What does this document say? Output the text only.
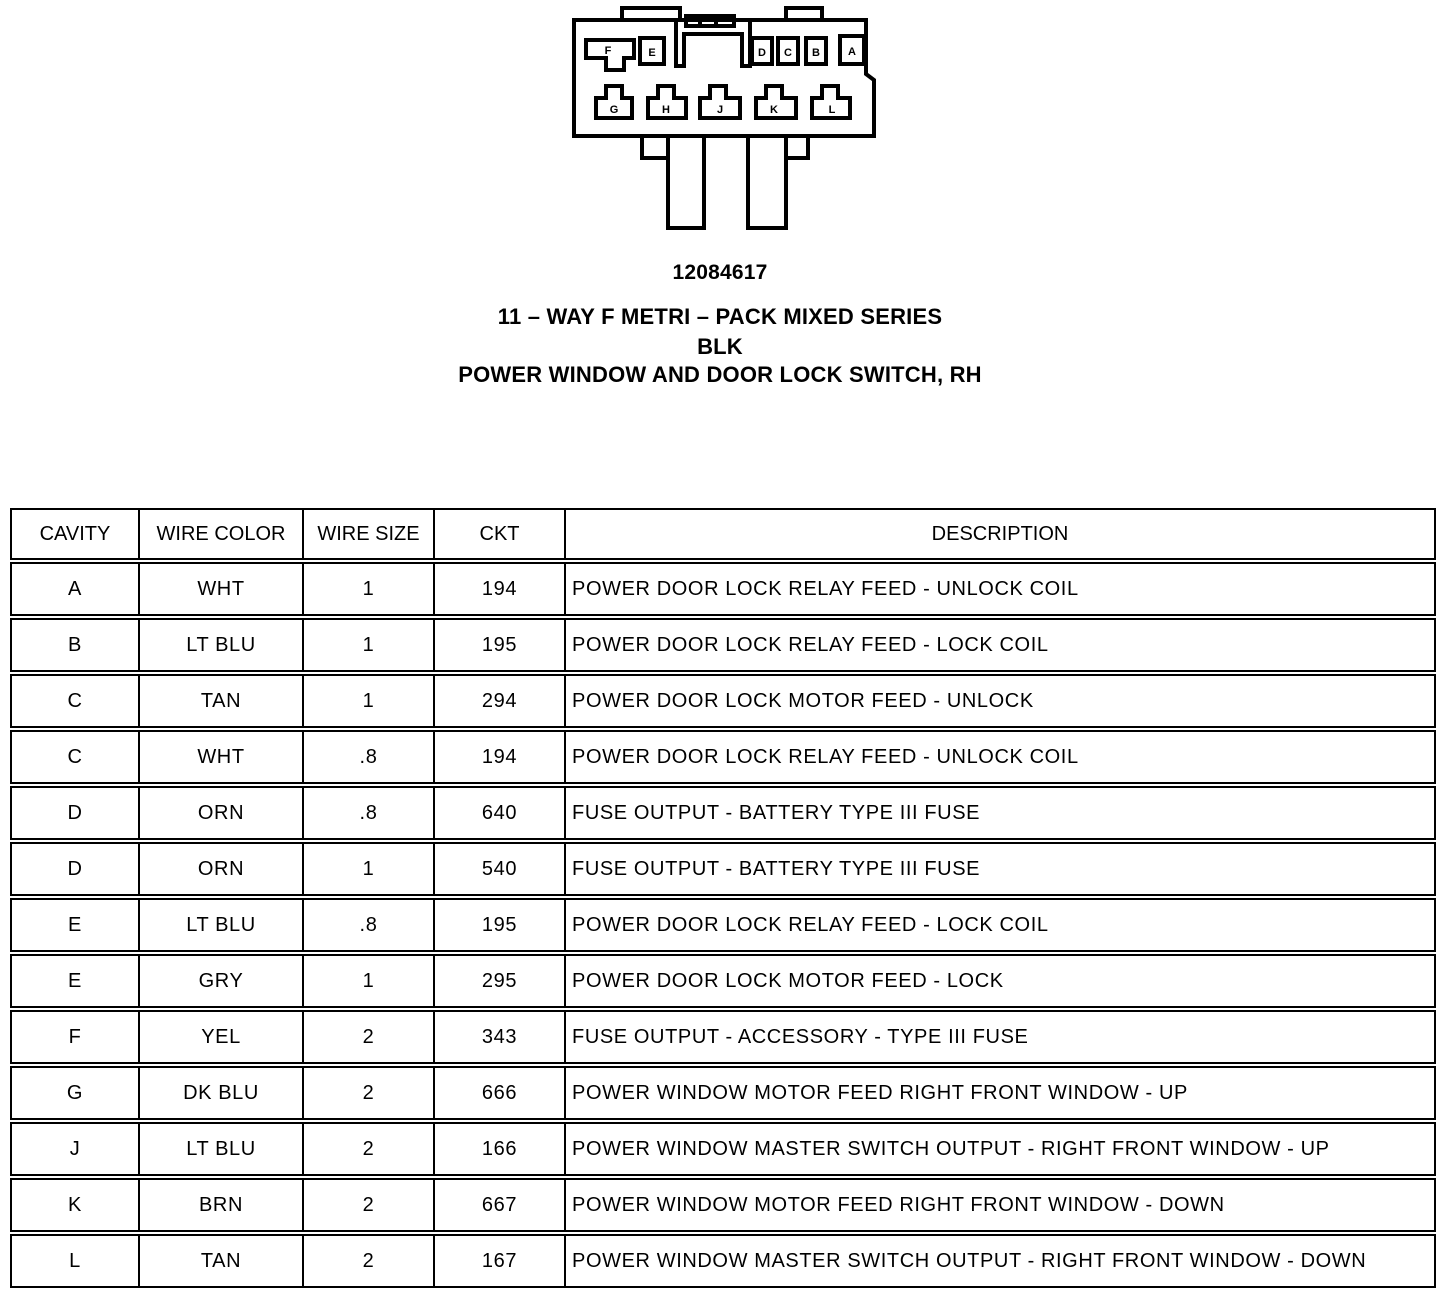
F	E	D C B	A
G	H	J	K	L
12084617
11 – WAY F METRI – PACK MIXED SERIES
BLK
POWER WINDOW AND DOOR LOCK SWITCH, RH
CAVITY	WIRE COLOR	WIRE SIZE	CKT	DESCRIPTION
A	WHT	1	194	POWER DOOR LOCK RELAY FEED - UNLOCK COIL
B	LT BLU	1	195	POWER DOOR LOCK RELAY FEED - LOCK COIL
C	TAN	1	294	POWER DOOR LOCK MOTOR FEED - UNLOCK
C	WHT	.8	194	POWER DOOR LOCK RELAY FEED - UNLOCK COIL
D	ORN	.8	640	FUSE OUTPUT - BATTERY TYPE III FUSE
D	ORN	1	540	FUSE OUTPUT - BATTERY TYPE III FUSE
E	LT BLU	.8	195	POWER DOOR LOCK RELAY FEED - LOCK COIL
E	GRY	1	295	POWER DOOR LOCK MOTOR FEED - LOCK
F	YEL	2	343	FUSE OUTPUT - ACCESSORY - TYPE III FUSE
G	DK BLU	2	666	POWER WINDOW MOTOR FEED RIGHT FRONT WINDOW - UP
J	LT BLU	2	166	POWER WINDOW MASTER SWITCH OUTPUT - RIGHT FRONT WINDOW - UP
K	BRN	2	667	POWER WINDOW MOTOR FEED RIGHT FRONT WINDOW - DOWN
L	TAN	2	167	POWER WINDOW MASTER SWITCH OUTPUT - RIGHT FRONT WINDOW - DOWN
